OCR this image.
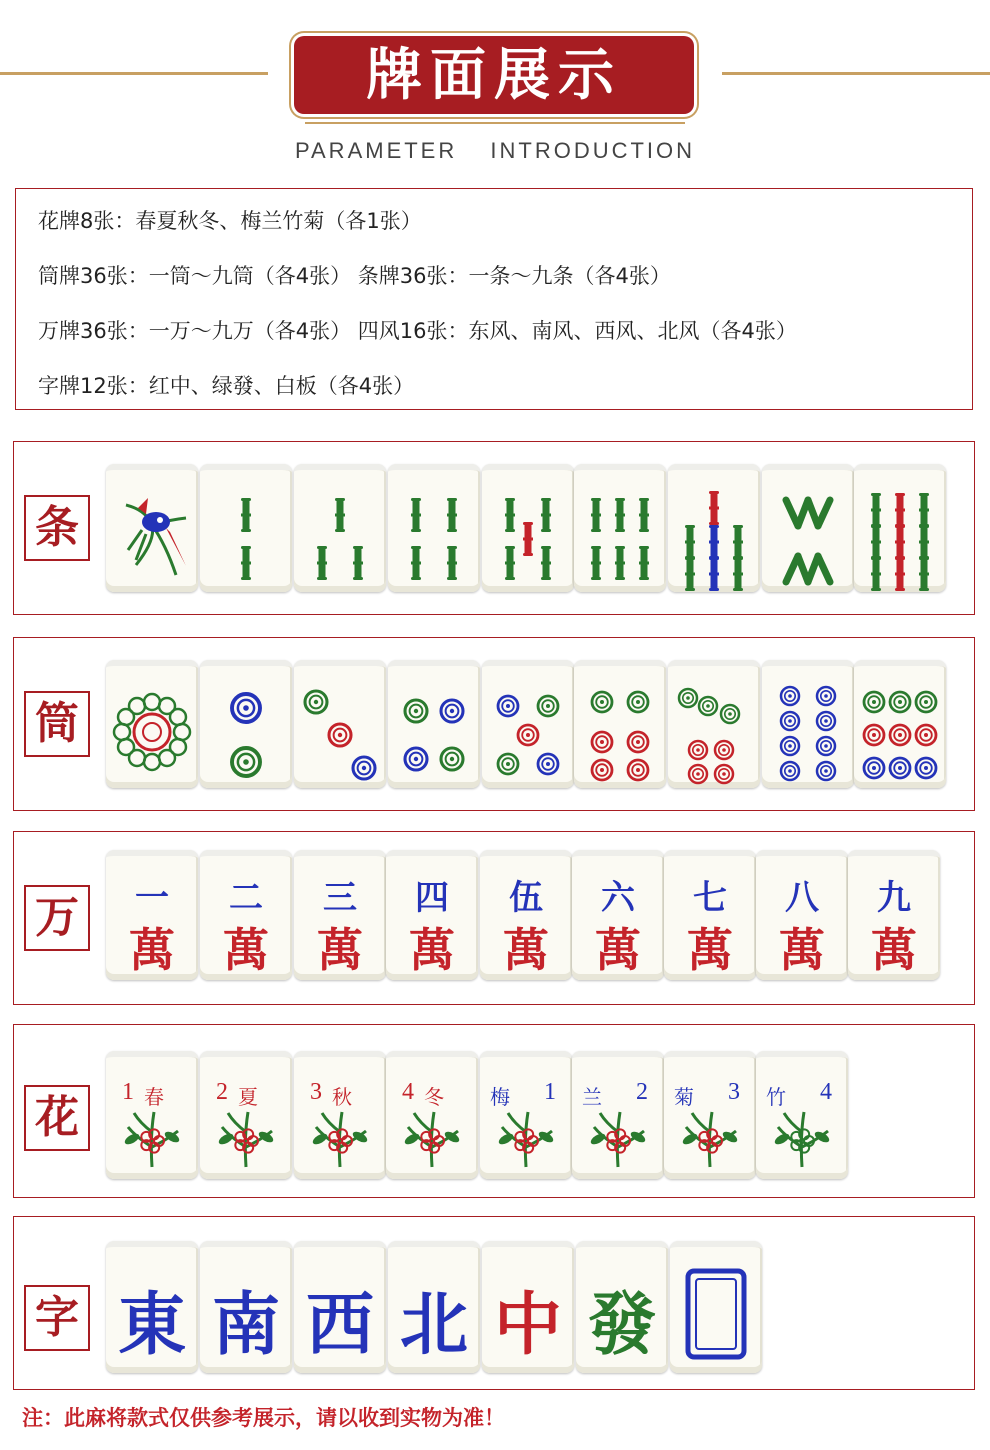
牌面展示
PARAMETER INTRODUCTION
花牌8张：春夏秋冬、梅兰竹菊（各1张）
筒牌36张：一筒～九筒（各4张） 条牌36张：一条～九条（各4张）
万牌36张：一万～九万（各4张） 四风16张：东风、南风、西风、北风（各4张）
字牌12张：红中、绿發、白板（各4张）
条
筒
万	一
萬
二
萬
三
萬
四
萬
伍
萬
六
萬
七
萬
八
萬
九
萬
花	1 春 2 夏 3 秋 4 冬	1
梅	2
兰	3
菊	4
竹
字 東 南 西 北 中 發
注：此麻将款式仅供参考展示，请以收到实物为准！
